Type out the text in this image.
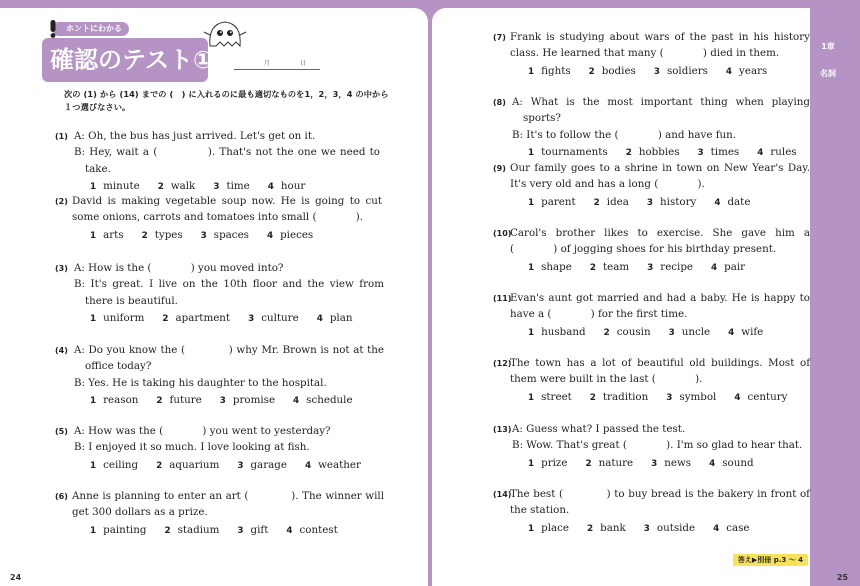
1章
名詞
ホントにわかる
確認のテスト①	月	日
次の (1) から (14) までの (　) に入れるのに最も適切なものを1，2，3，4 の中から１つ選びなさい。
(1) A: Oh, the bus has just arrived. Let's get on it.
B: Hey, wait a (            ). That's not the one we need to take.
1 minute 2 walk 3 time 4 hour
(2) David is making vegetable soup now. He is going to cut some onions, carrots and tomatoes into small (            ).
1 arts 2 types 3 spaces 4 pieces
(3) A: How is the (            ) you moved into?
B: It's great. I live on the 10th floor and the view from there is beautiful.
1 uniform 2 apartment 3 culture 4 plan
(4) A: Do you know the (            ) why Mr. Brown is not at the office today?
B: Yes. He is taking his daughter to the hospital.
1 reason 2 future 3 promise 4 schedule
(5) A: How was the (            ) you went to yesterday?
B: I enjoyed it so much. I love looking at fish.
1 ceiling 2 aquarium 3 garage 4 weather
(6) Anne is planning to enter an art (            ). The winner will get 300 dollars as a prize.
1 painting 2 stadium 3 gift 4 contest
(7) Frank is studying about wars of the past in his history class. He learned that many (            ) died in them.
1 fights 2 bodies 3 soldiers 4 years
(8) A: What is the most important thing when playing sports?
B: It's to follow the (            ) and have fun.
1 tournaments 2 hobbies 3 times 4 rules
(9) Our family goes to a shrine in town on New Year's Day. It's very old and has a long (            ).
1 parent 2 idea 3 history 4 date
(10)
Carol's brother likes to exercise. She gave him a (            ) of jogging shoes for his birthday present.
1 shape 2 team 3 recipe 4 pair
(11)
Evan's aunt got married and had a baby. He is happy to have a (            ) for the first time.
1 husband 2 cousin 3 uncle 4 wife
(12)
The town has a lot of beautiful old buildings. Most of them were built in the last (            ).
1 street 2 tradition 3 symbol 4 century
(13) A: Guess what? I passed the test.
B: Wow. That's great (            ). I'm so glad to hear that.
1 prize 2 nature 3 news 4 sound
(14)
The best (            ) to buy bread is the bakery in front of the station.
1 place 2 bank 3 outside 4 case
答え▶別冊 p.3 〜 4
24	25
